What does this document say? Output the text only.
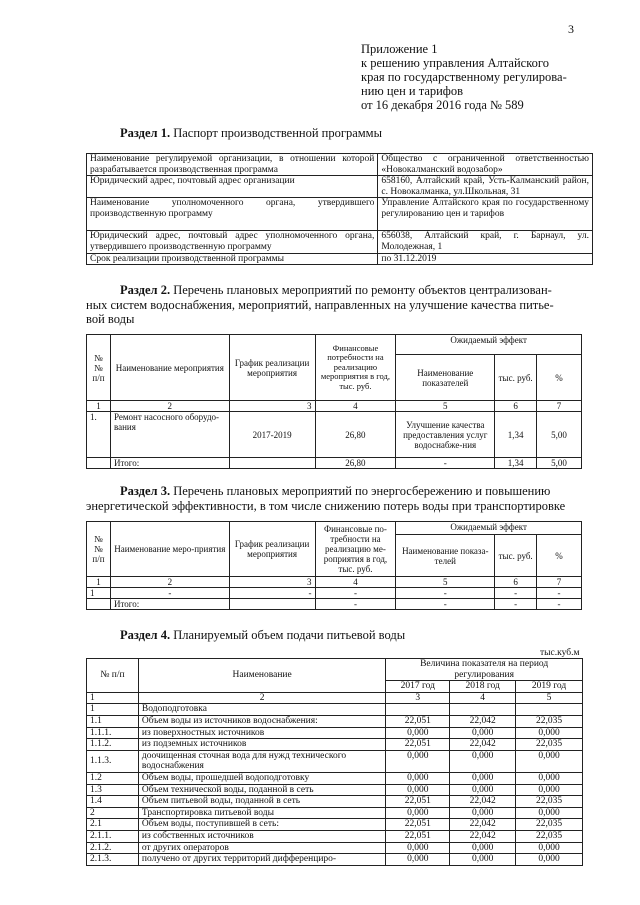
3
Приложение 1
к решению управления Алтайского
края по государственному регулирова-
нию цен и тарифов
от 16 декабря 2016 года № 589
Раздел 1. Паспорт производственной программы
Наименование регулируемой организации, в отношении которой разрабатывается производственная программа	Общество с ограниченной ответственностью «Новокалманский водозабор»
Юридический адрес, почтовый адрес организации	658160, Алтайский край, Усть-Калманский район, с. Новокалманка, ул.Школьная, 31
Наименование уполномоченного органа, утвердившего производственную программу	Управление Алтайского края по государственному регулированию цен и тарифов
Юридический адрес, почтовый адрес уполномоченного органа, утвердившего производственную программу	656038, Алтайский край, г. Барнаул, ул. Молодежная, 1
Срок реализации производственной программы	по 31.12.2019
Раздел 2. Перечень плановых мероприятий по ремонту объектов централизован-
ных систем водоснабжения, мероприятий, направленных на улучшение качества питье-
вой воды
№№ п/п	Наименование мероприятия	График реализации мероприятия	Финансовые потребности на реализацию мероприятия в год, тыс. руб.	Ожидаемый эффект		
				Наименование показателей	тыс. руб.	%
1	2	3	4	5	6	7
1.	Ремонт насосного оборудо-вания	2017-2019	26,80	Улучшение качества предоставления услуг водоснабже-ния	1,34	5,00
	Итого:		26,80	-	1,34	5,00
Раздел 3. Перечень плановых мероприятий по энергосбережению и повышению
энергетической эффективности, в том числе снижению потерь воды при транспортировке
№№ п/п	Наименование меро-приятия	График реализации мероприятия	Финансовые по-требности на реализацию ме-роприятия в год, тыс. руб.	Ожидаемый эффект		
				Наименование показа-телей	тыс. руб.	%
1	2	3	4	5	6	7
1	-	-	-	-	-	-
	Итого:		-	-	-	-
Раздел 4. Планируемый объем подачи питьевой воды
тыс.куб.м
№ п/п	Наименование	Величина показателя на период регулирования		
		2017 год	2018 год	2019 год
1	2	3	4	5
1	Водоподготовка			
1.1	Объем воды из источников водоснабжения:	22,051	22,042	22,035
1.1.1.	из поверхностных источников	0,000	0,000	0,000
1.1.2.	из подземных источников	22,051	22,042	22,035
1.1.3.	доочищенная сточная вода для нужд технического водоснабжения	0,000	0,000	0,000
1.2	Объем воды, прошедшей водоподготовку	0,000	0,000	0,000
1.3	Объем технической воды, поданной в сеть	0,000	0,000	0,000
1.4	Объем питьевой воды, поданной в сеть	22,051	22,042	22,035
2	Транспортировка питьевой воды	0,000	0,000	0,000
2.1	Объем воды, поступившей в сеть:	22,051	22,042	22,035
2.1.1.	из собственных источников	22,051	22,042	22,035
2.1.2.	от других операторов	0,000	0,000	0,000
2.1.3.	получено от других территорий дифференциро-	0,000	0,000	0,000
